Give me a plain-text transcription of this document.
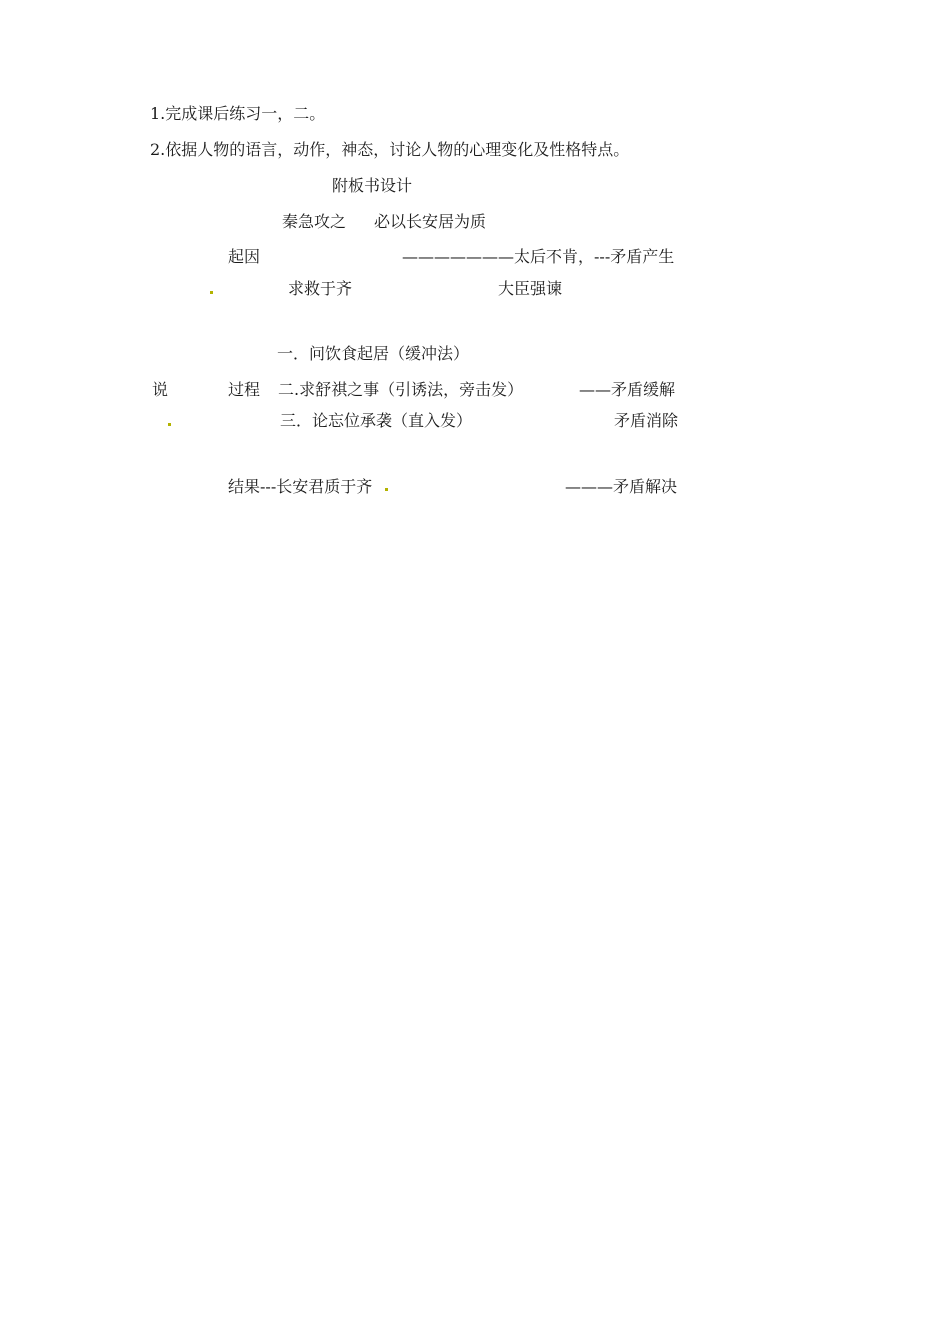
1.完成课后练习一，二。

2.依据人物的语言，动作，神态，讨论人物的心理变化及性格特点。

附板书设计

秦急攻之 必以长安居为质

起因	———————太后不肯，---矛盾产生

求救于齐	大臣强谏

一．问饮食起居（缓冲法）

说	过程 二.求舒祺之事（引诱法，旁击发）	——矛盾缓解

三．论忘位承袭（直入发）	矛盾消除

结果---长安君质于齐	———矛盾解决
